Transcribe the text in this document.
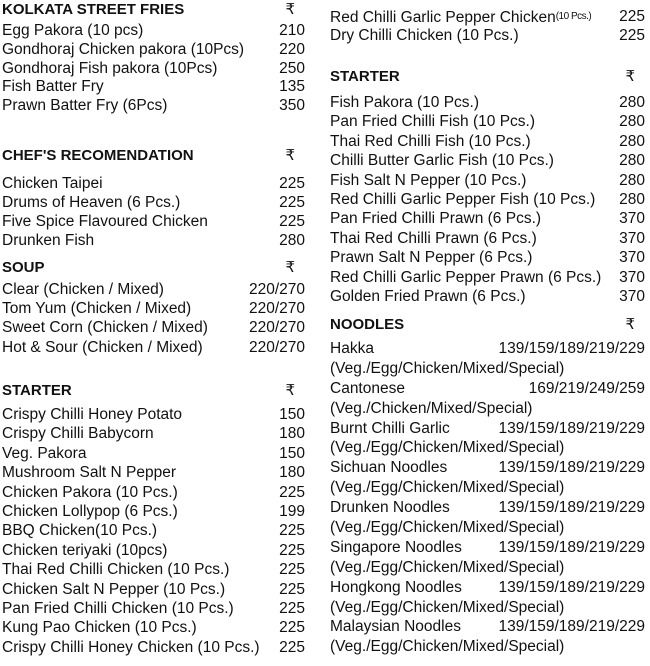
KOLKATA STREET FRIES	₹
Egg Pakora (10 pcs)	210
Gondhoraj Chicken pakora (10Pcs) 220
Gondhoraj Fish pakora (10Pcs)	250
Fish Batter Fry	135
Prawn Batter Fry (6Pcs)	350
CHEF'S RECOMENDATION	₹
Chicken Taipei	225
Drums of Heaven (6 Pcs.)	225
Five Spice Flavoured Chicken	225
Drunken Fish	280
SOUP	₹
Clear (Chicken / Mixed)	220/270
Tom Yum (Chicken / Mixed)	220/270
Sweet Corn (Chicken / Mixed)	220/270
Hot & Sour (Chicken / Mixed)	220/270
STARTER	₹
Crispy Chilli Honey Potato	150
Crispy Chilli Babycorn	180
Veg. Pakora	150
Mushroom Salt N Pepper	180
Chicken Pakora (10 Pcs.)	225
Chicken Lollypop (6 Pcs.)	199
BBQ Chicken(10 Pcs.)	225
Chicken teriyaki (10pcs)	225
Thai Red Chilli Chicken (10 Pcs.)	225
Chicken Salt N Pepper (10 Pcs.)	225
Pan Fried Chilli Chicken (10 Pcs.)	225
Kung Pao Chicken (10 Pcs.)	225
Crispy Chilli Honey Chicken (10 Pcs.) 225
Red Chilli Garlic Pepper Chicken(10 Pcs.) 225
Dry Chilli Chicken (10 Pcs.)	225
STARTER	₹
Fish Pakora (10 Pcs.)	280
Pan Fried Chilli Fish (10 Pcs.)	280
Thai Red Chilli Fish (10 Pcs.)	280
Chilli Butter Garlic Fish (10 Pcs.)	280
Fish Salt N Pepper (10 Pcs.)	280
Red Chilli Garlic Pepper Fish (10 Pcs.) 280
Pan Fried Chilli Prawn (6 Pcs.)	370
Thai Red Chilli Prawn (6 Pcs.)	370
Prawn Salt N Pepper (6 Pcs.)	370
Red Chilli Garlic Pepper Prawn (6 Pcs.) 370
Golden Fried Prawn (6 Pcs.)	370
NOODLES	₹
Hakka	139/159/189/219/229
(Veg./Egg/Chicken/Mixed/Special)
Cantonese	169/219/249/259
(Veg./Chicken/Mixed/Special)
Burnt Chilli Garlic	139/159/189/219/229
(Veg./Egg/Chicken/Mixed/Special)
Sichuan Noodles	139/159/189/219/229
(Veg./Egg/Chicken/Mixed/Special)
Drunken Noodles	139/159/189/219/229
(Veg./Egg/Chicken/Mixed/Special)
Singapore Noodles 139/159/189/219/229
(Veg./Egg/Chicken/Mixed/Special)
Hongkong Noodles 139/159/189/219/229
(Veg./Egg/Chicken/Mixed/Special)
Malaysian Noodles 139/159/189/219/229
(Veg./Egg/Chicken/Mixed/Special)
